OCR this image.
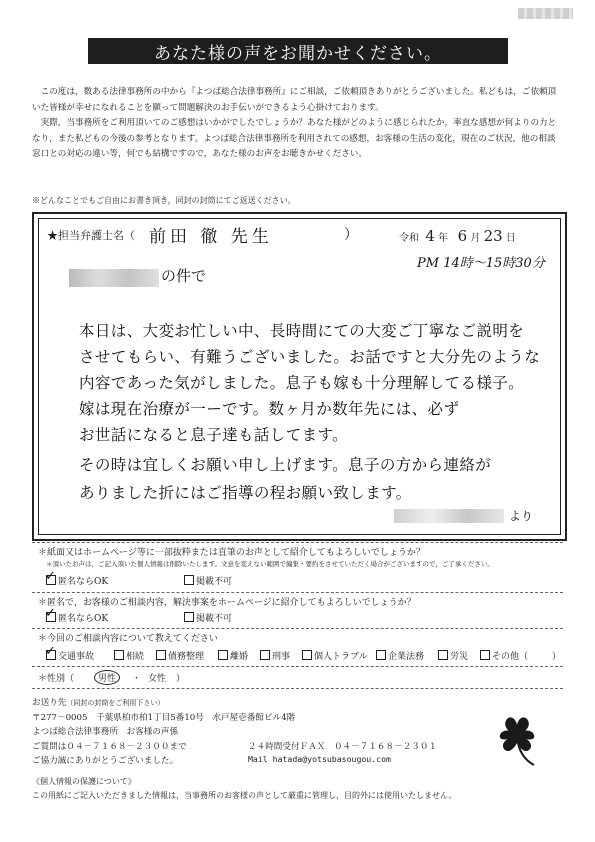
あなた様の声をお聞かせください。

この度は，数ある法律事務所の中から『よつば総合法律事務所』にご相談，ご依頼頂きありがとうございました。私どもは，ご依頼頂いた皆様が幸せになれることを願って問題解決のお手伝いができるよう心掛けております。

実際，当事務所をご利用頂いてのご感想はいかがでしたでしょうか？あなた様がどのように感じられたか，率直な感想が何よりの力となり，また私どもの今後の参考となります。よつば総合法律事務所を利用されての感想，お客様の生活の変化，現在のご状況，他の相談窓口との対応の違い等，何でも結構ですので，あなた様のお声をお聴きかせください。

※どんなことでもご自由にお書き頂き，同封の封筒にてご返送ください。
★担当弁護士名（ 前田 徹 先生	）	令和 4 年 6 月 23 日
PM 14時～15時30分
の件で
本日は、大変お忙しい中、長時間にての大変ご丁寧なご説明を
させてもらい、有難うございました。お話ですと大分先のような
内容であった気がしました。息子も嫁も十分理解してる様子。
嫁は現在治療が一ーです。数ヶ月か数年先には、必ず
お世話になると息子達も話してます。
その時は宜しくお願い申し上げます。息子の方から連絡が
ありました折にはご指導の程お願い致します。
より
＊紙面又はホームページ等に一部抜粋または直筆のお声として紹介してもよろしいでしょうか？
＊頂いたお声は，ご記入頂いた個人情報は削除いたします。文意を変えない範囲で編集・要約をさせていただく場合がございますので，ご了承ください。
✓ 匿名ならOK	掲載不可
＊匿名で，お客様のご相談内容，解決事案をホームページに紹介してもよろしいでしょうか？
✓ 匿名ならOK	掲載不可
＊今回のご相談内容について教えてください
✓ 交通事故	相続	債務整理	離婚	刑事	個人トラブル	企業法務	労災	その他（	）
＊性別（	男性	・ 女性 ）
お送り先（同封の封筒をご利用下さい）
〒277－0005　千葉県柏市柏1丁目5番10号　水戸屋壱番館ビル4階
よつば総合法律事務所　お客様の声係
ご質問は０４－７１６８－２３００まで	２４時間受付ＦＡＸ　０４－７１６８－２３０１
ご協力誠にありがとうございました。	Mail hatada@yotsubasougou.com
《個人情報の保護について》
この用紙にご記入いただきました情報は，当事務所のお客様の声として厳重に管理し，目的外には使用いたしません。
